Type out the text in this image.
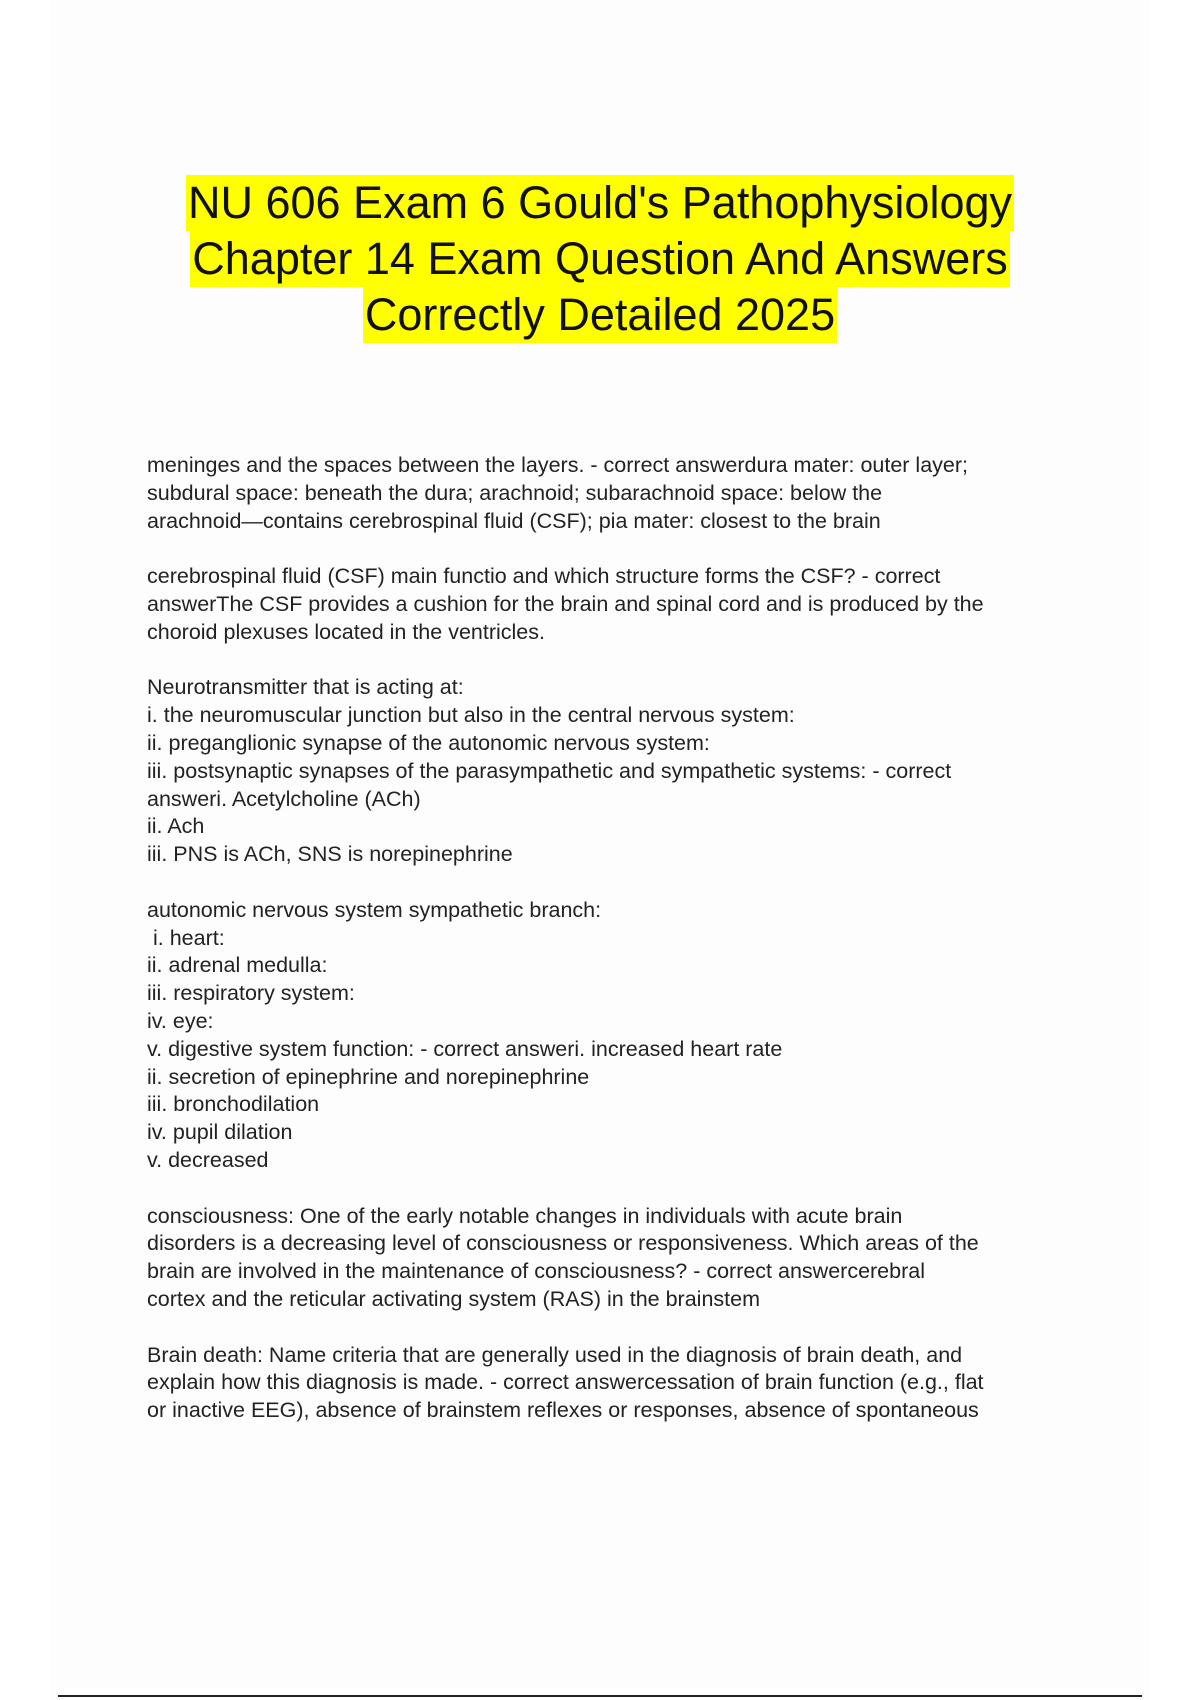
NU 606 Exam 6 Gould's Pathophysiology
Chapter 14 Exam Question And Answers
Correctly Detailed 2025
meninges and the spaces between the layers. - correct answerdura mater: outer layer;
subdural space: beneath the dura; arachnoid; subarachnoid space: below the
arachnoid—contains cerebrospinal fluid (CSF); pia mater: closest to the brain
cerebrospinal fluid (CSF) main functio and which structure forms the CSF? - correct
answerThe CSF provides a cushion for the brain and spinal cord and is produced by the
choroid plexuses located in the ventricles.
Neurotransmitter that is acting at:
i. the neuromuscular junction but also in the central nervous system:
ii. preganglionic synapse of the autonomic nervous system:
iii. postsynaptic synapses of the parasympathetic and sympathetic systems: - correct
answeri. Acetylcholine (ACh)
ii. Ach
iii. PNS is ACh, SNS is norepinephrine
autonomic nervous system sympathetic branch:
i. heart:
ii. adrenal medulla:
iii. respiratory system:
iv. eye:
v. digestive system function: - correct answeri. increased heart rate
ii. secretion of epinephrine and norepinephrine
iii. bronchodilation
iv. pupil dilation
v. decreased
consciousness: One of the early notable changes in individuals with acute brain
disorders is a decreasing level of consciousness or responsiveness. Which areas of the
brain are involved in the maintenance of consciousness? - correct answercerebral
cortex and the reticular activating system (RAS) in the brainstem
Brain death: Name criteria that are generally used in the diagnosis of brain death, and
explain how this diagnosis is made. - correct answercessation of brain function (e.g., flat
or inactive EEG), absence of brainstem reflexes or responses, absence of spontaneous
